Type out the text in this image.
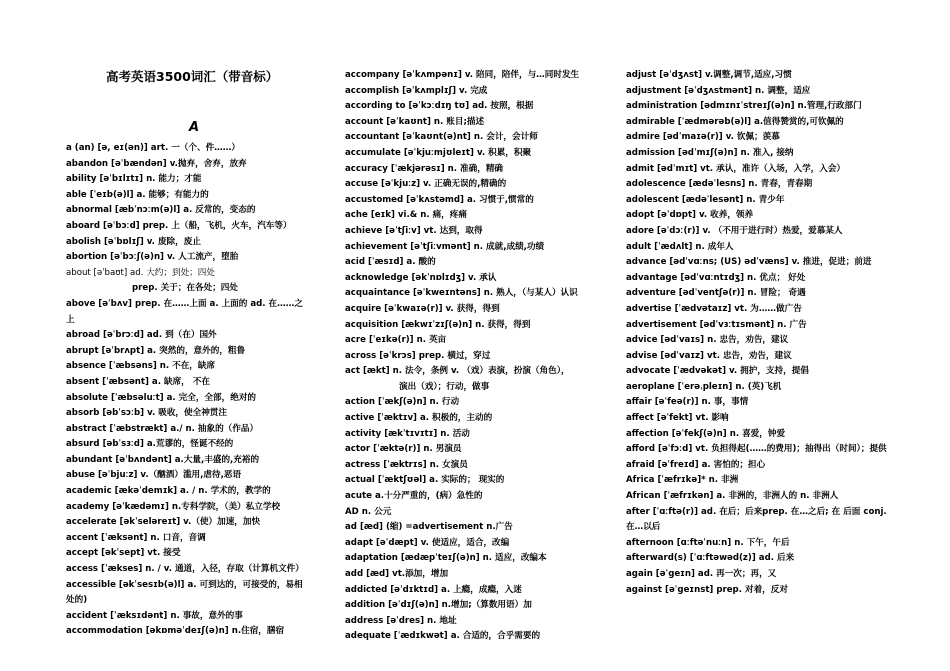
高考英语3500词汇（带音标）
A
a (an) [ə, eɪ(ən)] art. 一（个、件……）
abandon [əˈbændən] v.抛弃，舍弃，放弃
ability [əˈbɪlɪtɪ] n. 能力；才能
able [ˈeɪb(ə)l] a. 能够；有能力的
abnormal [æbˈnɔːm(ə)l] a. 反常的，变态的
aboard [əˈbɔːd] prep. 上（船，飞机，火车，汽车等）
abolish [əˈbɒlɪʃ] v. 废除，废止
abortion [əˈbɔːʃ(ə)n] v. 人工流产，堕胎
about [əˈbaʊt] ad. 大约；到处；四处
prep. 关于；在各处；四处
above [əˈbʌv] prep. 在……上面 a. 上面的 ad. 在……之上
abroad [əˈbrɔːd] ad. 到（在）国外
abrupt [əˈbrʌpt] a. 突然的，意外的，粗鲁
absence [ˈæbsəns] n. 不在，缺席
absent [ˈæbsənt] a. 缺席， 不在
absolute [ˈæbsəluːt] a. 完全，全部，绝对的
absorb [əbˈsɔːb] v. 吸收，使全神贯注
abstract [ˈæbstrækt] a./ n. 抽象的（作品）
absurd [əbˈsɜːd] a.荒谬的，怪诞不经的
abundant [əˈbʌndənt] a.大量,丰盛的,充裕的
abuse [əˈbjuːz] v.（酗酒）滥用,虐待,恶语
academic [ækəˈdemɪk] a. / n. 学术的，教学的
academy [əˈkædəmɪ] n.专科学院，（美）私立学校
accelerate [əkˈseləreɪt] v.（使）加速，加快
accent [ˈæksənt] n. 口音，音调
accept [əkˈsept] vt. 接受
access [ˈækses] n. / v. 通道，入径，存取（计算机文件）
accessible [əkˈsesɪb(ə)l] a. 可到达的，可接受的，易相处的)
accident [ˈæksɪdənt] n. 事故，意外的事
accommodation [əkɒməˈdeɪʃ(ə)n] n.住宿，膳宿
accompany [əˈkʌmpənɪ] v. 陪同，陪伴，与…同时发生
accomplish [əˈkʌmplɪʃ] v. 完成
according to [əˈkɔːdɪŋ tʊ] ad. 按照，根据
account [əˈkaʊnt] n. 账目;描述
accountant [əˈkaʊnt(ə)nt] n. 会计，会计师
accumulate [əˈkjuːmjʊleɪt] v. 积累，积聚
accuracy [ˈækjərəsɪ] n. 准确，精确
accuse [əˈkjuːz] v. 正确无误的,精确的
accustomed [əˈkʌstəmd] a. 习惯于,惯常的
ache [eɪk] vi.& n. 痛，疼痛
achieve [əˈtʃiːv] vt. 达到，取得
achievement [əˈtʃiːvmənt] n. 成就,成绩,功绩
acid [ˈæsɪd] a. 酸的
acknowledge [əkˈnɒlɪdʒ] v. 承认
acquaintance [əˈkweɪntəns] n. 熟人，（与某人）认识
acquire [əˈkwaɪə(r)] v. 获得，得到
acquisition [ækwɪˈzɪʃ(ə)n] n. 获得，得到
acre [ˈeɪkə(r)] n. 英亩
across [əˈkrɔs] prep. 横过，穿过
act [ækt] n. 法令，条例 v. （戏）表演，扮演（角色），
演出（戏）；行动，做事
action [ˈækʃ(ə)n] n. 行动
active [ˈæktɪv] a. 积极的，主动的
activity [ækˈtɪvɪtɪ] n. 活动
actor [ˈæktə(r)] n. 男演员
actress [ˈæktrɪs] n. 女演员
actual [ˈæktʃʊəl] a. 实际的； 现实的
acute a.十分严重的，(病）急性的
AD n. 公元
ad [æd] (缩) =advertisement n.广告
adapt [əˈdæpt] v. 使适应，适合，改编
adaptation [ædæpˈteɪʃ(ə)n] n. 适应，改编本
add [æd] vt.添加，增加
addicted [əˈdɪktɪd] a. 上瘾，成瘾，入迷
addition [əˈdɪʃ(ə)n] n.增加;（算数用语）加
address [əˈdres] n. 地址
adequate [ˈædɪkwət] a. 合适的，合乎需要的
adjust [əˈdʒʌst] v.调整,调节,适应,习惯
adjustment [əˈdʒʌstmənt] n. 调整，适应
administration [ədmɪnɪˈstreɪʃ(ə)n] n.管理,行政部门
admirable [ˈædmərəb(ə)l] a.值得赞赏的,可钦佩的
admire [ədˈmaɪə(r)] v. 钦佩；羡慕
admission [ədˈmɪʃ(ə)n] n. 准入, 接纳
admit [ədˈmɪt] vt. 承认，准许（入场，入学，入会）
adolescence [ædəˈlesns] n. 青春，青春期
adolescent [ædəˈlesənt] n. 青少年
adopt [əˈdɒpt] v. 收养，领养
adore [əˈdɔː(r)] v. （不用于进行时）热爱，爱慕某人
adult [ˈædʌlt] n. 成年人
advance [ədˈvɑːns; (US) ədˈvæns] v. 推进，促进；前进
advantage [ədˈvɑːntɪdʒ] n. 优点； 好处
adventure [ədˈventʃə(r)] n. 冒险； 奇遇
advertise [ˈædvətaɪz] vt. 为……做广告
advertisement [ədˈvɜːtɪsmənt] n. 广告
advice [ədˈvaɪs] n. 忠告，劝告，建议
advise [ədˈvaɪz] vt. 忠告，劝告，建议
advocate [ˈædvəkət] v. 拥护，支持，提倡
aeroplane [ˈerəˌpleɪn] n. (英)飞机
affair [əˈfeə(r)] n. 事，事情
affect [əˈfekt] vt. 影响
affection [əˈfekʃ(ə)n] n. 喜爱，钟爱
afford [əˈfɔːd] vt. 负担得起(……的费用)；抽得出（时间）；提供
afraid [əˈfreɪd] a. 害怕的；担心
Africa [ˈæfrɪkə]* n. 非洲
African [ˈæfrɪkən] a. 非洲的，非洲人的 n. 非洲人
after [ˈɑːftə(r)] ad. 在后；后来prep. 在…之后; 在 后面 conj. 在…以后
afternoon [ɑːftəˈnuːn] n. 下午，午后
afterward(s) [ˈɑːftəwəd(z)] ad. 后来
again [əˈgeɪn] ad. 再一次；再，又
against [əˈgeɪnst] prep. 对着，反对
